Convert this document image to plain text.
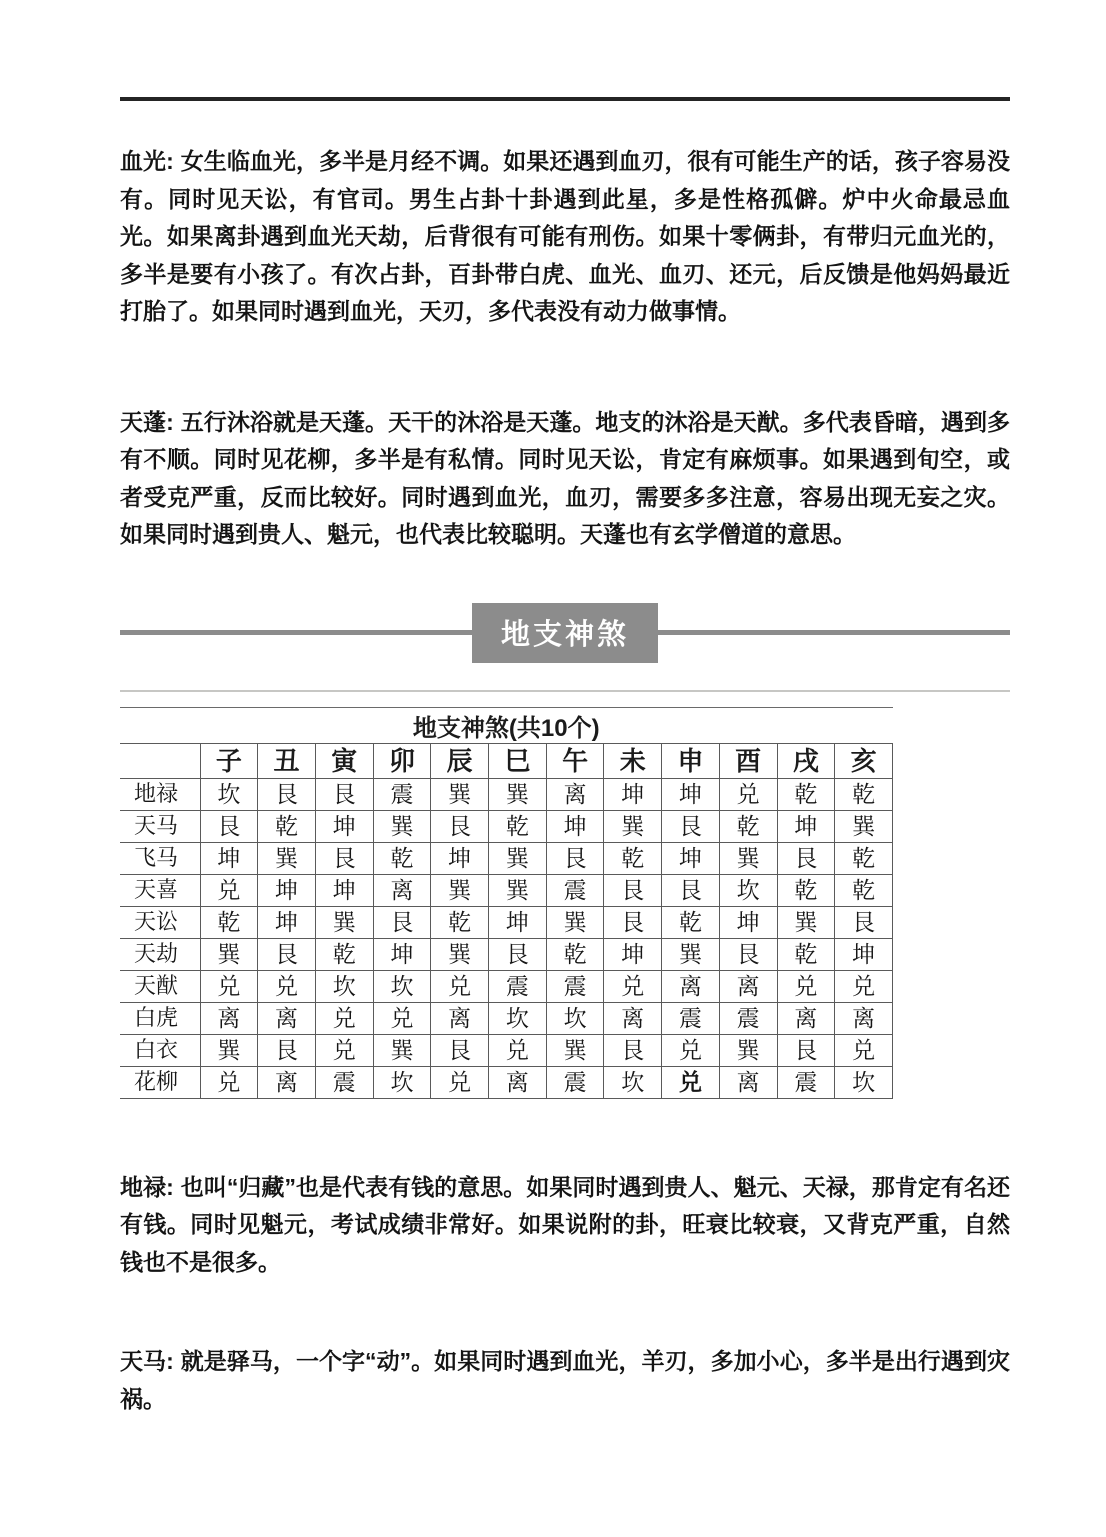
血光: 女生临血光，多半是月经不调。如果还遇到血刃，很有可能生产的话，孩子容易没有。同时见天讼，有官司。男生占卦十卦遇到此星，多是性格孤僻。炉中火命最忌血光。如果离卦遇到血光天劫，后背很有可能有刑伤。如果十零俩卦，有带归元血光的，多半是要有小孩了。有次占卦，百卦带白虎、血光、血刃、还元，后反馈是他妈妈最近打胎了。如果同时遇到血光，天刃，多代表没有动力做事情。

天蓬: 五行沐浴就是天蓬。天干的沐浴是天蓬。地支的沐浴是天猷。多代表昏暗，遇到多有不顺。同时见花柳，多半是有私情。同时见天讼，肯定有麻烦事。如果遇到旬空，或者受克严重，反而比较好。同时遇到血光，血刃，需要多多注意，容易出现无妄之灾。如果同时遇到贵人、魁元，也代表比较聪明。天蓬也有玄学僧道的意思。

地支神煞
地支神煞(共10个)												
	子	丑	寅	卯	辰	巳	午	未	申	酉	戌	亥
地禄	坎	艮	艮	震	巽	巽	离	坤	坤	兑	乾	乾
天马	艮	乾	坤	巽	艮	乾	坤	巽	艮	乾	坤	巽
飞马	坤	巽	艮	乾	坤	巽	艮	乾	坤	巽	艮	乾
天喜	兑	坤	坤	离	巽	巽	震	艮	艮	坎	乾	乾
天讼	乾	坤	巽	艮	乾	坤	巽	艮	乾	坤	巽	艮
天劫	巽	艮	乾	坤	巽	艮	乾	坤	巽	艮	乾	坤
天猷	兑	兑	坎	坎	兑	震	震	兑	离	离	兑	兑
白虎	离	离	兑	兑	离	坎	坎	离	震	震	离	离
白衣	巽	艮	兑	巽	艮	兑	巽	艮	兑	巽	艮	兑
花柳	兑	离	震	坎	兑	离	震	坎	兑	离	震	坎

地禄: 也叫“归藏”也是代表有钱的意思。如果同时遇到贵人、魁元、天禄，那肯定有名还有钱。同时见魁元，考试成绩非常好。如果说附的卦，旺衰比较衰，又背克严重，自然钱也不是很多。

天马: 就是驿马，一个字“动”。如果同时遇到血光，羊刃，多加小心，多半是出行遇到灾祸。
